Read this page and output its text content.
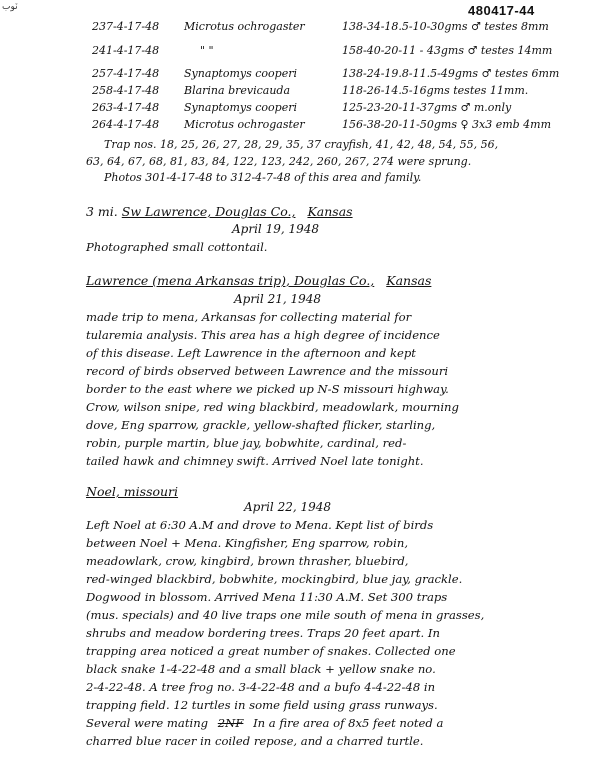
ٽوب	480417-44
237-4-17-48 Microtus ochrogaster	138-34-18.5-10-30gms ♂ testes 8mm
241-4-17-48	" "	158-40-20-11 - 43gms ♂ testes 14mm
257-4-17-48 Synaptomys cooperi	138-24-19.8-11.5-49gms ♂ testes 6mm
258-4-17-48 Blarina brevicauda	118-26-14.5-16gms testes 11mm.
263-4-17-48 Synaptomys cooperi	125-23-20-11-37gms ♂ m.only
264-4-17-48 Microtus ochrogaster	156-38-20-11-50gms ♀ 3x3 emb 4mm
Trap nos. 18, 25, 26, 27, 28, 29, 35, 37 crayfish, 41, 42, 48, 54, 55, 56,
63, 64, 67, 68, 81, 83, 84, 122, 123, 242, 260, 267, 274 were sprung.
Photos 301-4-17-48 to 312-4-7-48 of this area and family.
3 mi. Sw Lawrence, Douglas Co., Kansas
April 19, 1948
Photographed small cottontail.
Lawrence (mena Arkansas trip), Douglas Co., Kansas
April 21, 1948
made trip to mena, Arkansas for collecting material for
tularemia analysis. This area has a high degree of incidence
of this disease. Left Lawrence in the afternoon and kept
record of birds observed between Lawrence and the missouri
border to the east where we picked up N-S missouri highway.
Crow, wilson snipe, red wing blackbird, meadowlark, mourning
dove, Eng sparrow, grackle, yellow-shafted flicker, starling,
robin, purple martin, blue jay, bobwhite, cardinal, red-
tailed hawk and chimney swift. Arrived Noel late tonight.
Noel, missouri
April 22, 1948
Left Noel at 6:30 A.M and drove to Mena. Kept list of birds
between Noel + Mena. Kingfisher, Eng sparrow, robin,
meadowlark, crow, kingbird, brown thrasher, bluebird,
red-winged blackbird, bobwhite, mockingbird, blue jay, grackle.
Dogwood in blossom. Arrived Mena 11:30 A.M. Set 300 traps
(mus. specials) and 40 live traps one mile south of mena in grasses,
shrubs and meadow bordering trees. Traps 20 feet apart. In
trapping area noticed a great number of snakes. Collected one
black snake 1-4-22-48 and a small black + yellow snake no.
2-4-22-48. A tree frog no. 3-4-22-48 and a bufo 4-4-22-48 in
trapping field. 12 turtles in some field using grass runways.
Several were mating 2NF In a fire area of 8x5 feet noted a
charred blue racer in coiled repose, and a charred turtle.
